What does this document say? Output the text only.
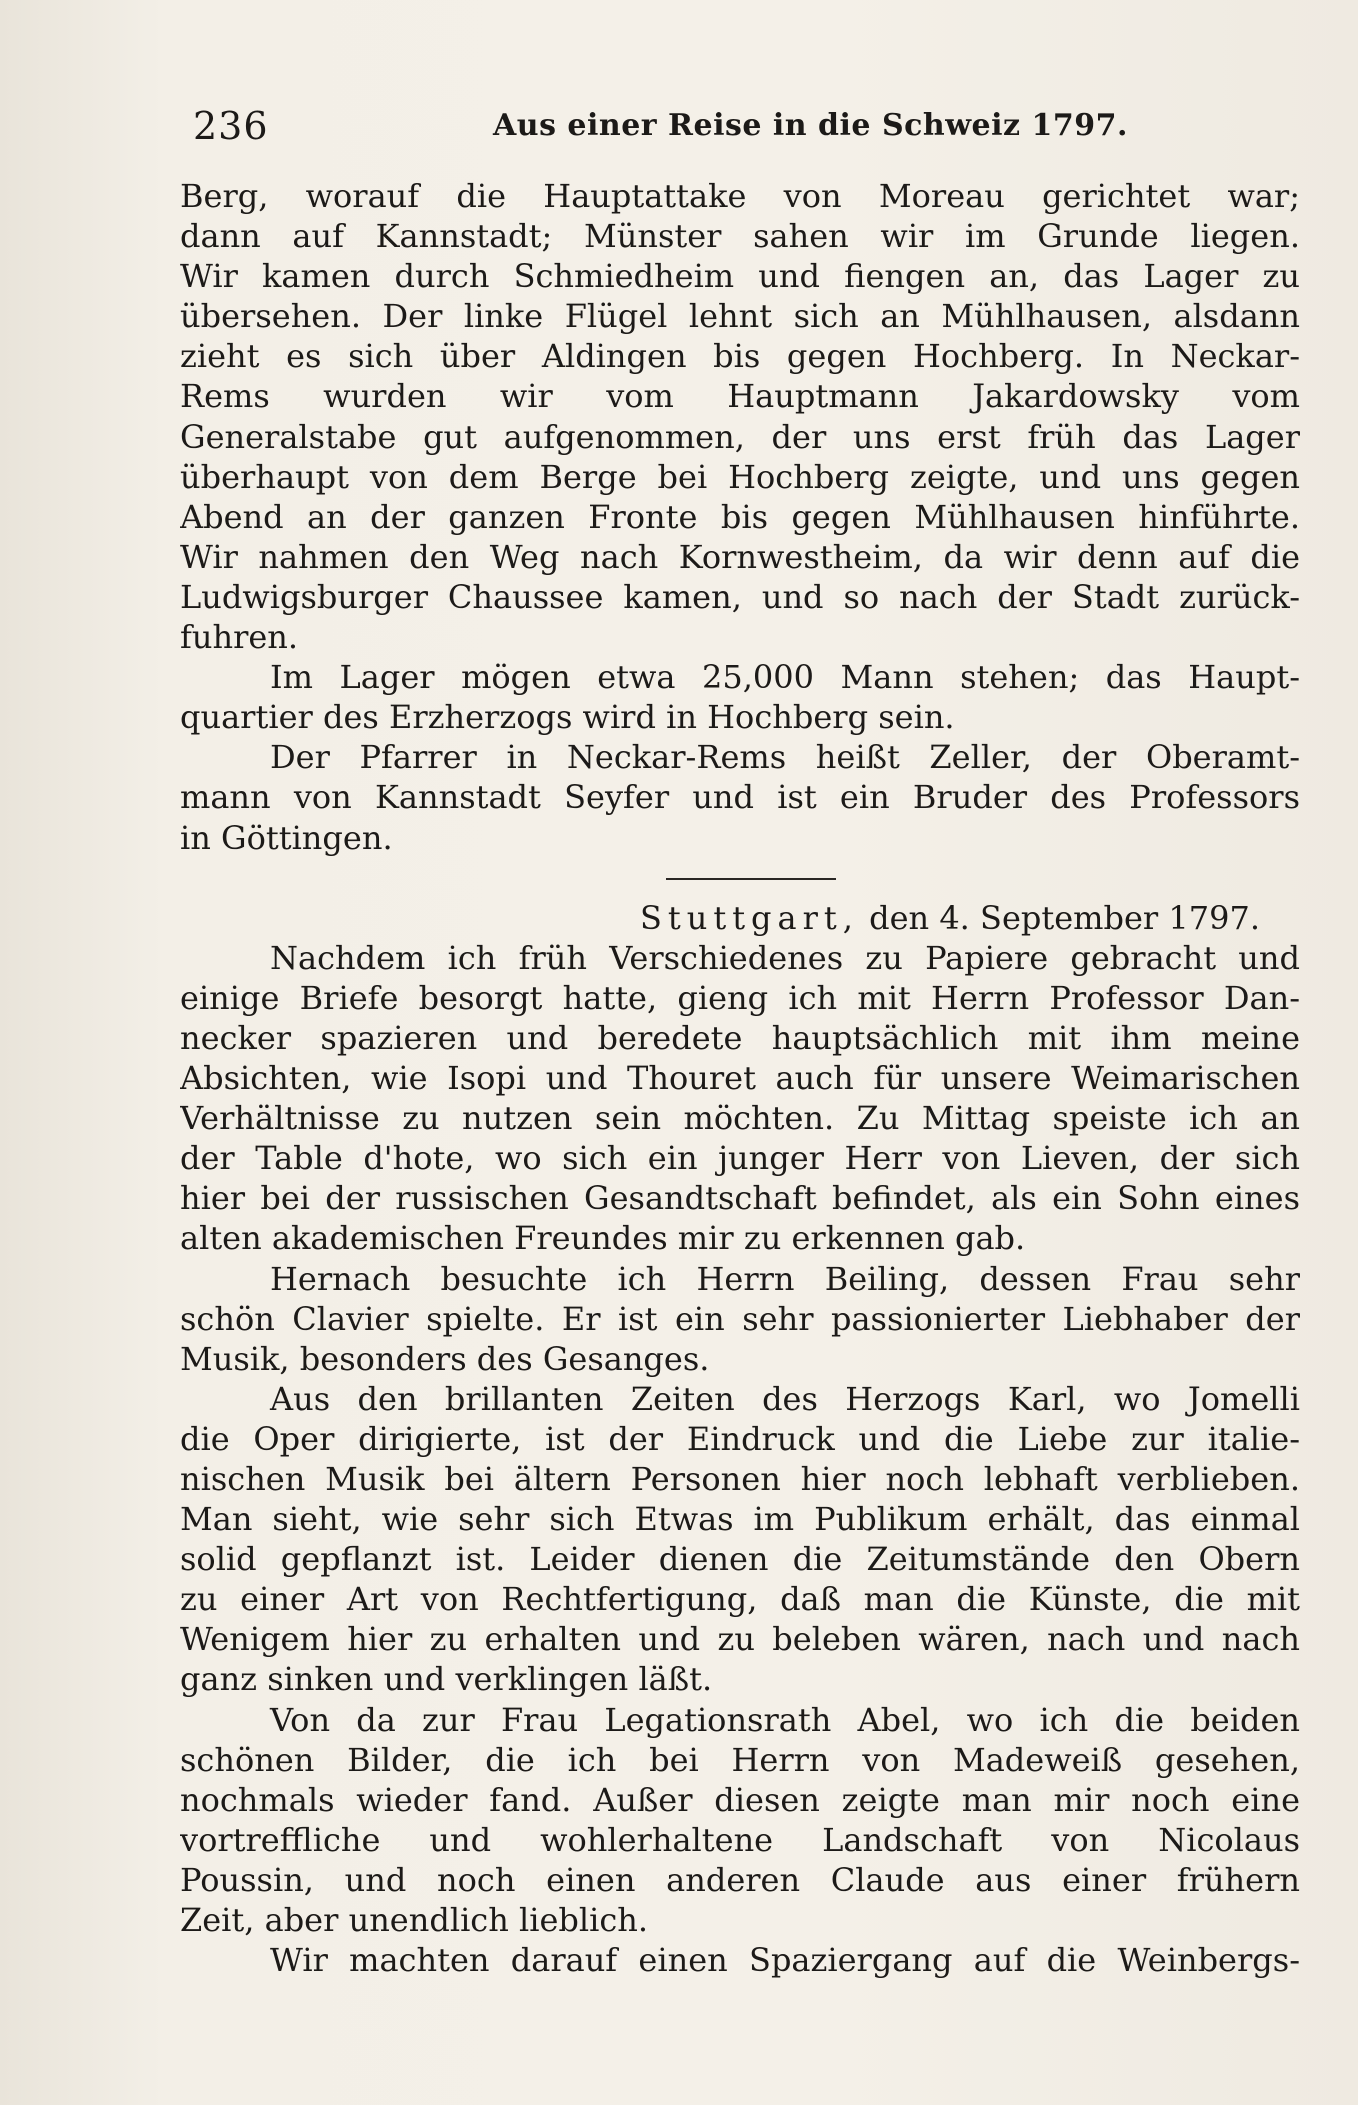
236	Aus einer Reise in die Schweiz 1797.
Berg, worauf die Hauptattake von Moreau gerichtet war;
dann auf Kannstadt; Münster sahen wir im Grunde liegen.
Wir kamen durch Schmiedheim und fiengen an, das Lager zu
übersehen. Der linke Flügel lehnt sich an Mühlhausen, alsdann
zieht es sich über Aldingen bis gegen Hochberg. In Neckar-
Rems wurden wir vom Hauptmann Jakardowsky vom
Generalstabe gut aufgenommen, der uns erst früh das Lager
überhaupt von dem Berge bei Hochberg zeigte, und uns gegen
Abend an der ganzen Fronte bis gegen Mühlhausen hinführte.
Wir nahmen den Weg nach Kornwestheim, da wir denn auf die
Ludwigsburger Chaussee kamen, und so nach der Stadt zurück-
fuhren.
Im Lager mögen etwa 25,000 Mann stehen; das Haupt-
quartier des Erzherzogs wird in Hochberg sein.
Der Pfarrer in Neckar-Rems heißt Zeller, der Oberamt-
mann von Kannstadt Seyfer und ist ein Bruder des Professors
in Göttingen.
Stuttgart, den 4. September 1797.
Nachdem ich früh Verschiedenes zu Papiere gebracht und
einige Briefe besorgt hatte, gieng ich mit Herrn Professor Dan-
necker spazieren und beredete hauptsächlich mit ihm meine
Absichten, wie Isopi und Thouret auch für unsere Weimarischen
Verhältnisse zu nutzen sein möchten. Zu Mittag speiste ich an
der Table d'hote, wo sich ein junger Herr von Lieven, der sich
hier bei der russischen Gesandtschaft befindet, als ein Sohn eines
alten akademischen Freundes mir zu erkennen gab.
Hernach besuchte ich Herrn Beiling, dessen Frau sehr
schön Clavier spielte. Er ist ein sehr passionierter Liebhaber der
Musik, besonders des Gesanges.
Aus den brillanten Zeiten des Herzogs Karl, wo Jomelli
die Oper dirigierte, ist der Eindruck und die Liebe zur italie-
nischen Musik bei ältern Personen hier noch lebhaft verblieben.
Man sieht, wie sehr sich Etwas im Publikum erhält, das einmal
solid gepflanzt ist. Leider dienen die Zeitumstände den Obern
zu einer Art von Rechtfertigung, daß man die Künste, die mit
Wenigem hier zu erhalten und zu beleben wären, nach und nach
ganz sinken und verklingen läßt.
Von da zur Frau Legationsrath Abel, wo ich die beiden
schönen Bilder, die ich bei Herrn von Madeweiß gesehen,
nochmals wieder fand. Außer diesen zeigte man mir noch eine
vortreffliche und wohlerhaltene Landschaft von Nicolaus
Poussin, und noch einen anderen Claude aus einer frühern
Zeit, aber unendlich lieblich.
Wir machten darauf einen Spaziergang auf die Weinbergs-
